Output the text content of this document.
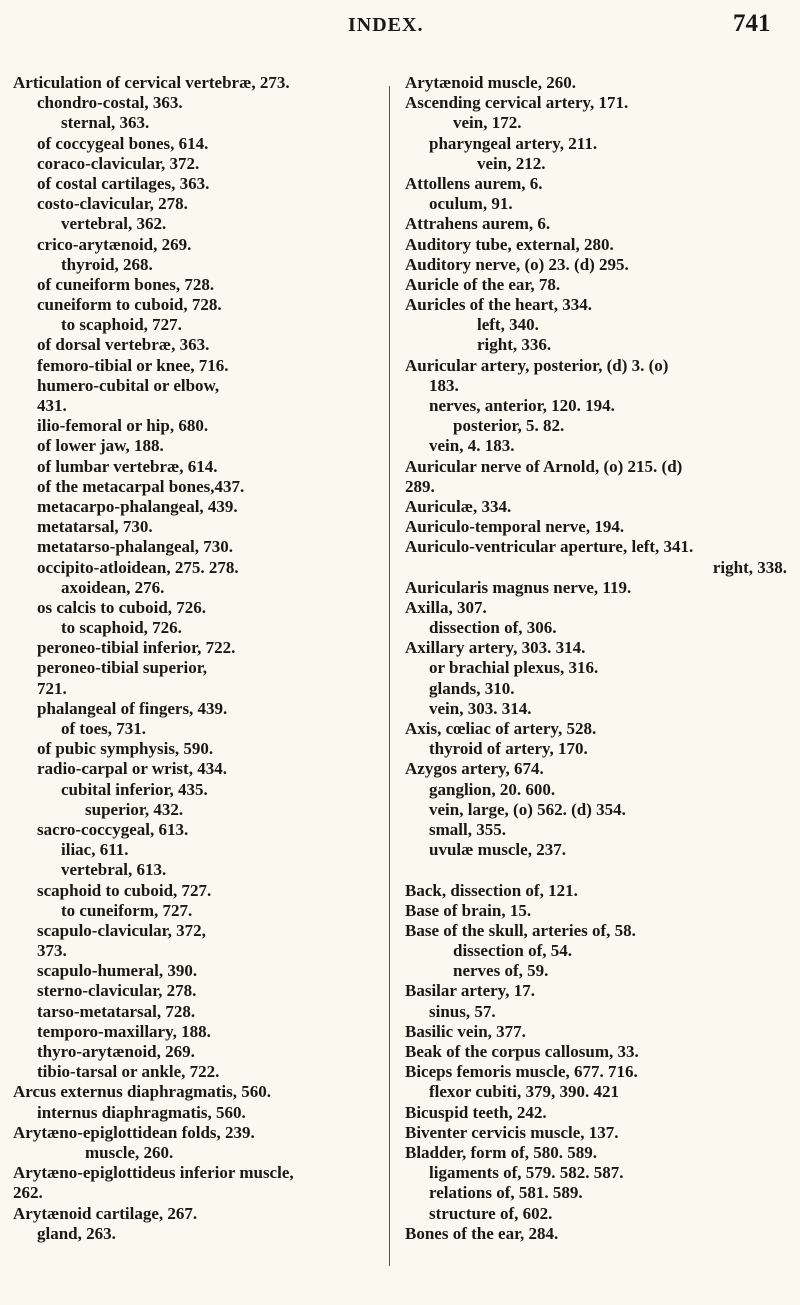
INDEX.	741
Articulation of cervical vertebræ, 273.
chondro-costal, 363.
sternal, 363.
of coccygeal bones, 614.
coraco-clavicular, 372.
of costal cartilages, 363.
costo-clavicular, 278.
vertebral, 362.
crico-arytænoid, 269.
thyroid, 268.
of cuneiform bones, 728.
cuneiform to cuboid, 728.
to scaphoid, 727.
of dorsal vertebræ, 363.
femoro-tibial or knee, 716.
humero-cubital or elbow,
431.
ilio-femoral or hip, 680.
of lower jaw, 188.
of lumbar vertebræ, 614.
of the metacarpal bones,437.
metacarpo-phalangeal, 439.
metatarsal, 730.
metatarso-phalangeal, 730.
occipito-atloidean, 275. 278.
axoidean, 276.
os calcis to cuboid, 726.
to scaphoid, 726.
peroneo-tibial inferior, 722.
peroneo-tibial superior,
721.
phalangeal of fingers, 439.
of toes, 731.
of pubic symphysis, 590.
radio-carpal or wrist, 434.
cubital inferior, 435.
superior, 432.
sacro-coccygeal, 613.
iliac, 611.
vertebral, 613.
scaphoid to cuboid, 727.
to cuneiform, 727.
scapulo-clavicular, 372,
373.
scapulo-humeral, 390.
sterno-clavicular, 278.
tarso-metatarsal, 728.
temporo-maxillary, 188.
thyro-arytænoid, 269.
tibio-tarsal or ankle, 722.
Arcus externus diaphragmatis, 560.
internus diaphragmatis, 560.
Arytæno-epiglottidean folds, 239.
muscle, 260.
Arytæno-epiglottideus inferior muscle,
262.
Arytænoid cartilage, 267.
gland, 263.
Arytænoid muscle, 260.
Ascending cervical artery, 171.
vein, 172.
pharyngeal artery, 211.
vein, 212.
Attollens aurem, 6.
oculum, 91.
Attrahens aurem, 6.
Auditory tube, external, 280.
Auditory nerve, (o) 23. (d) 295.
Auricle of the ear, 78.
Auricles of the heart, 334.
left, 340.
right, 336.
Auricular artery, posterior, (d) 3. (o)
183.
nerves, anterior, 120. 194.
posterior, 5. 82.
vein, 4. 183.
Auricular nerve of Arnold, (o) 215. (d)
289.
Auriculæ, 334.
Auriculo-temporal nerve, 194.
Auriculo-ventricular aperture, left, 341.
right, 338.
Auricularis magnus nerve, 119.
Axilla, 307.
dissection of, 306.
Axillary artery, 303. 314.
or brachial plexus, 316.
glands, 310.
vein, 303. 314.
Axis, cœliac of artery, 528.
thyroid of artery, 170.
Azygos artery, 674.
ganglion, 20. 600.
vein, large, (o) 562. (d) 354.
small, 355.
uvulæ muscle, 237.
Back, dissection of, 121.
Base of brain, 15.
Base of the skull, arteries of, 58.
dissection of, 54.
nerves of, 59.
Basilar artery, 17.
sinus, 57.
Basilic vein, 377.
Beak of the corpus callosum, 33.
Biceps femoris muscle, 677. 716.
flexor cubiti, 379, 390. 421
Bicuspid teeth, 242.
Biventer cervicis muscle, 137.
Bladder, form of, 580. 589.
ligaments of, 579. 582. 587.
relations of, 581. 589.
structure of, 602.
Bones of the ear, 284.
